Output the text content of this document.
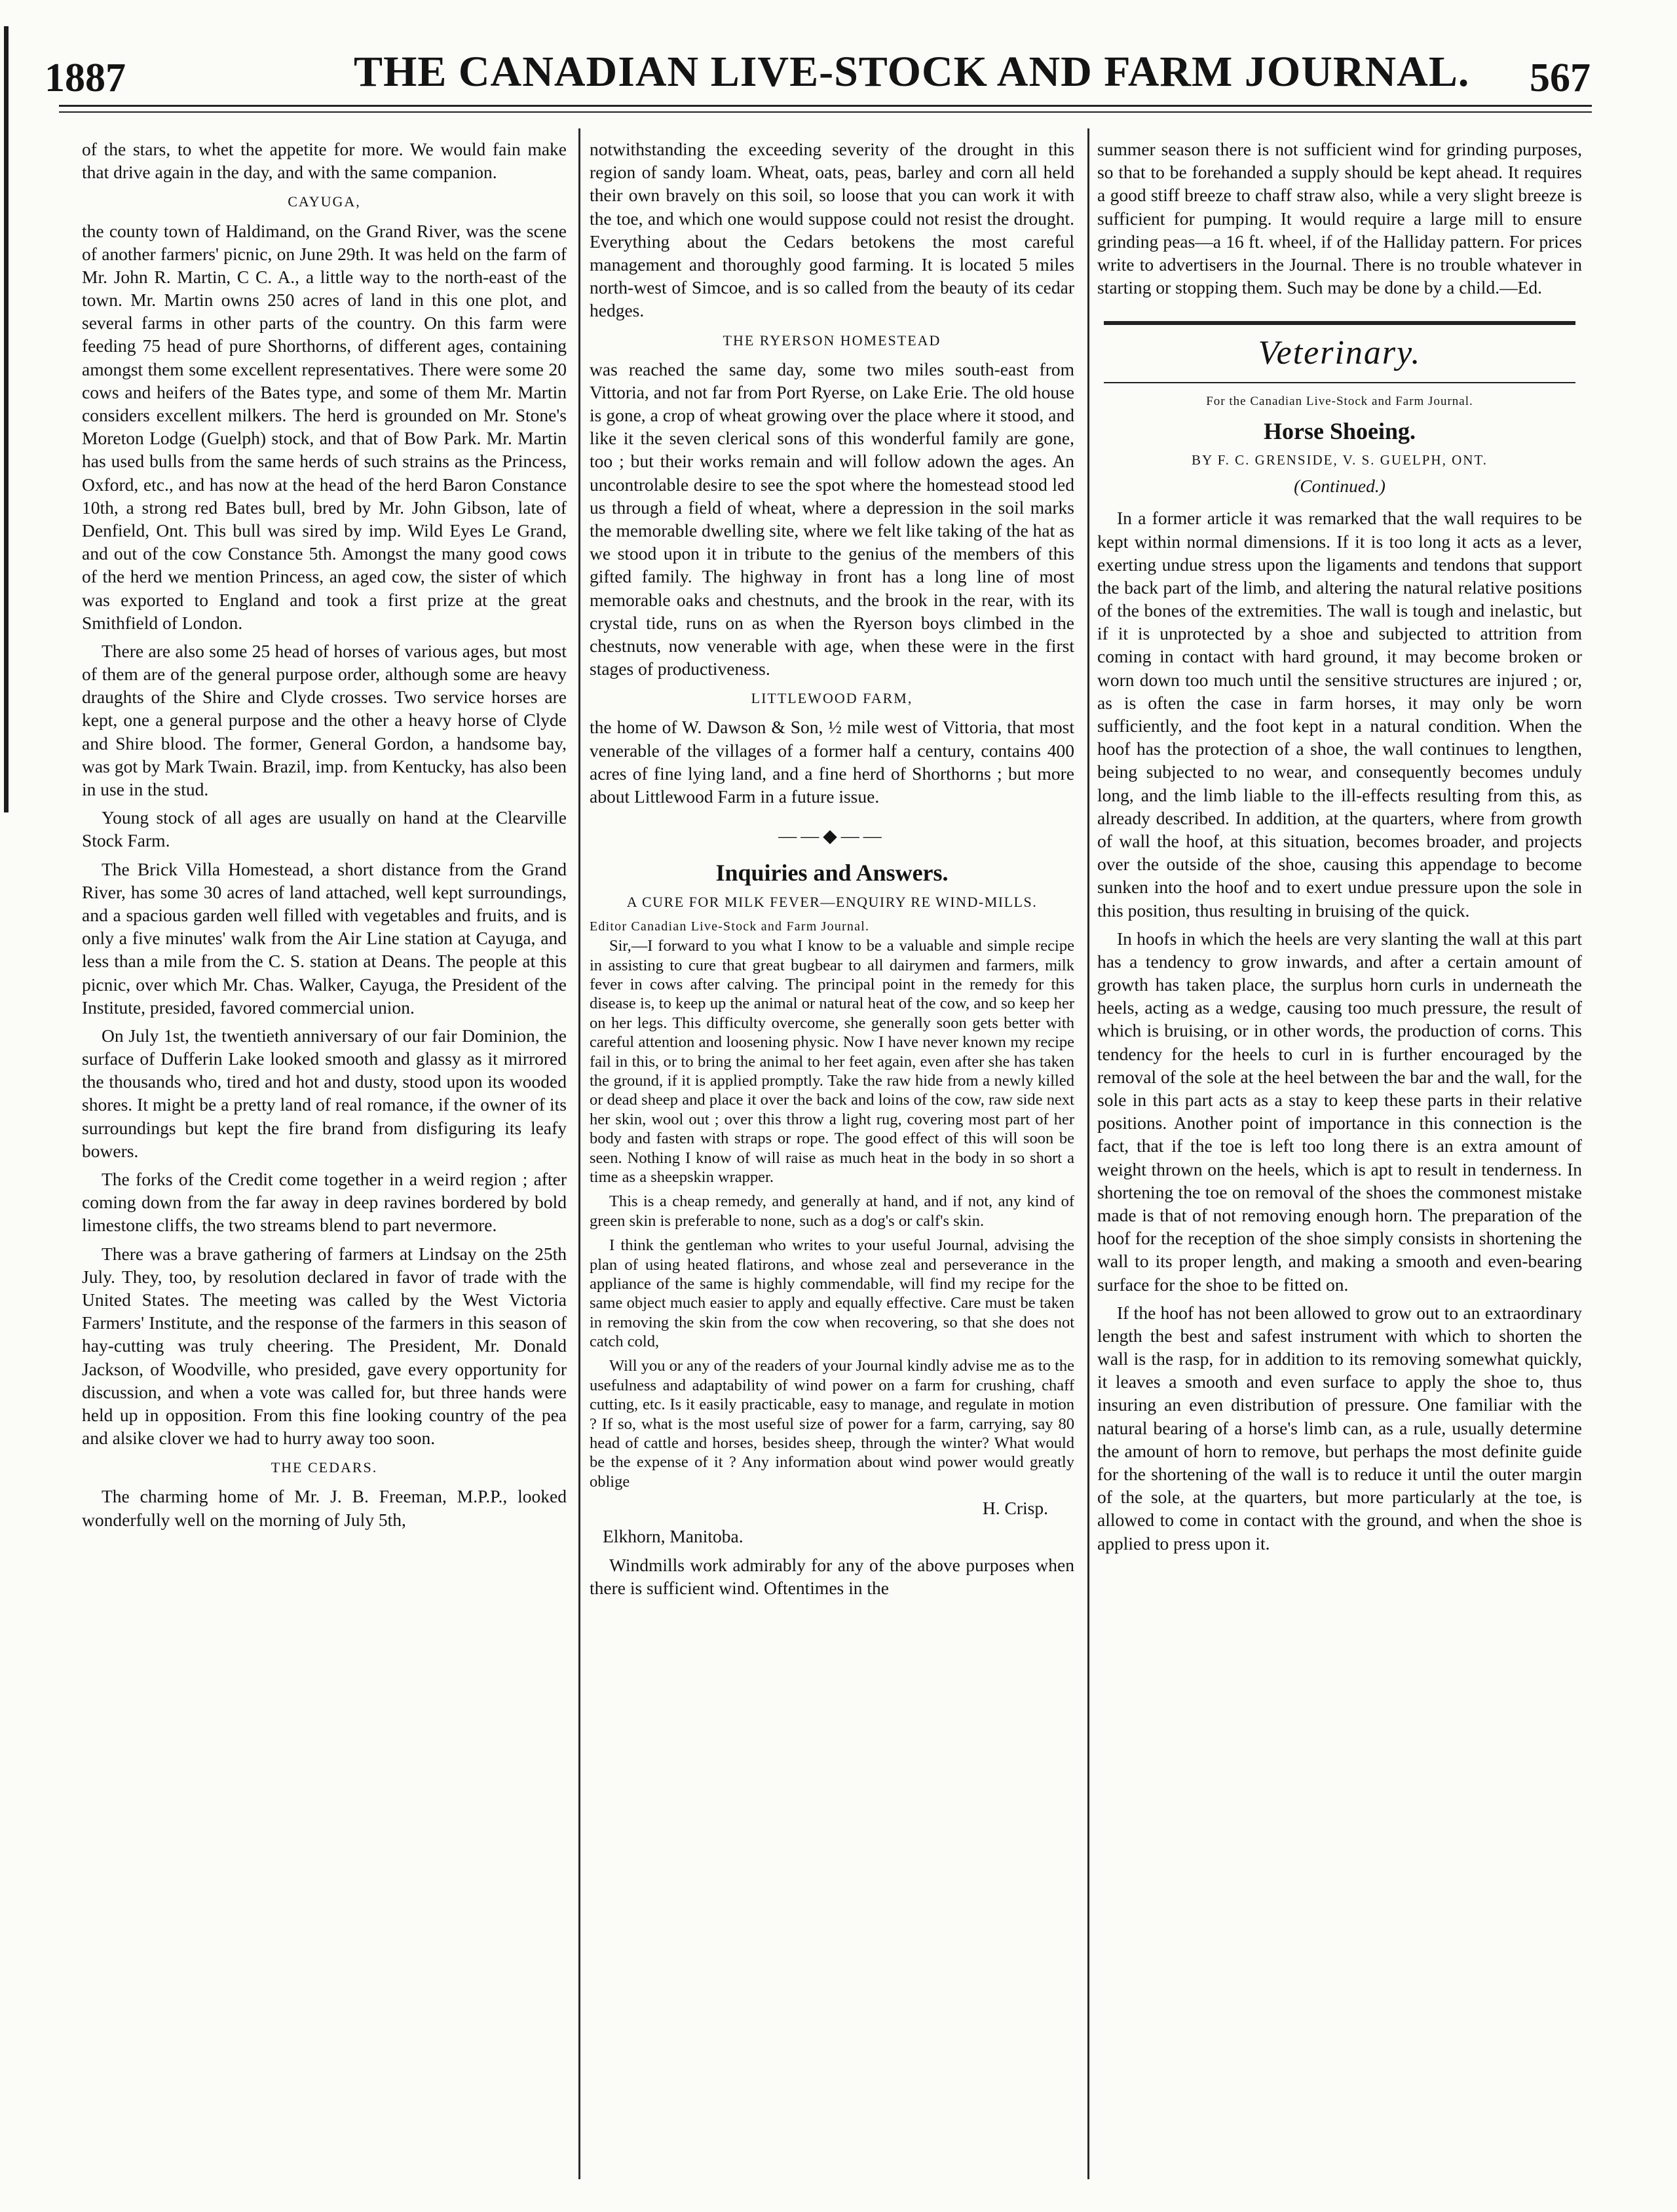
1887	THE CANADIAN LIVE-STOCK AND FARM JOURNAL. 567

of the stars, to whet the appetite for more. We would fain make that drive again in the day, and with the same companion.

CAYUGA,

the county town of Haldimand, on the Grand River, was the scene of another farmers' picnic, on June 29th. It was held on the farm of Mr. John R. Martin, C C. A., a little way to the north-east of the town. Mr. Martin owns 250 acres of land in this one plot, and several farms in other parts of the country. On this farm were feeding 75 head of pure Shorthorns, of different ages, containing amongst them some excellent representatives. There were some 20 cows and heifers of the Bates type, and some of them Mr. Martin considers excellent milkers. The herd is grounded on Mr. Stone's Moreton Lodge (Guelph) stock, and that of Bow Park. Mr. Martin has used bulls from the same herds of such strains as the Princess, Oxford, etc., and has now at the head of the herd Baron Constance 10th, a strong red Bates bull, bred by Mr. John Gibson, late of Denfield, Ont. This bull was sired by imp. Wild Eyes Le Grand, and out of the cow Constance 5th. Amongst the many good cows of the herd we mention Princess, an aged cow, the sister of which was exported to England and took a first prize at the great Smithfield of London.

There are also some 25 head of horses of various ages, but most of them are of the general purpose order, although some are heavy draughts of the Shire and Clyde crosses. Two service horses are kept, one a general purpose and the other a heavy horse of Clyde and Shire blood. The former, General Gordon, a handsome bay, was got by Mark Twain. Brazil, imp. from Kentucky, has also been in use in the stud.

Young stock of all ages are usually on hand at the Clearville Stock Farm.

The Brick Villa Homestead, a short distance from the Grand River, has some 30 acres of land attached, well kept surroundings, and a spacious garden well filled with vegetables and fruits, and is only a five minutes' walk from the Air Line station at Cayuga, and less than a mile from the C. S. station at Deans. The people at this picnic, over which Mr. Chas. Walker, Cayuga, the President of the Institute, presided, favored commercial union.

On July 1st, the twentieth anniversary of our fair Dominion, the surface of Dufferin Lake looked smooth and glassy as it mirrored the thousands who, tired and hot and dusty, stood upon its wooded shores. It might be a pretty land of real romance, if the owner of its surroundings but kept the fire brand from disfiguring its leafy bowers.

The forks of the Credit come together in a weird region ; after coming down from the far away in deep ravines bordered by bold limestone cliffs, the two streams blend to part nevermore.

There was a brave gathering of farmers at Lindsay on the 25th July. They, too, by resolution declared in favor of trade with the United States. The meeting was called by the West Victoria Farmers' Institute, and the response of the farmers in this season of hay-cutting was truly cheering. The President, Mr. Donald Jackson, of Woodville, who presided, gave every opportunity for discussion, and when a vote was called for, but three hands were held up in opposition. From this fine looking country of the pea and alsike clover we had to hurry away too soon.

THE CEDARS.

The charming home of Mr. J. B. Freeman, M.P.P., looked wonderfully well on the morning of July 5th,

notwithstanding the exceeding severity of the drought in this region of sandy loam. Wheat, oats, peas, barley and corn all held their own bravely on this soil, so loose that you can work it with the toe, and which one would suppose could not resist the drought. Everything about the Cedars betokens the most careful management and thoroughly good farming. It is located 5 miles north-west of Simcoe, and is so called from the beauty of its cedar hedges.

THE RYERSON HOMESTEAD

was reached the same day, some two miles south-east from Vittoria, and not far from Port Ryerse, on Lake Erie. The old house is gone, a crop of wheat growing over the place where it stood, and like it the seven clerical sons of this wonderful family are gone, too ; but their works remain and will follow adown the ages. An uncontrolable desire to see the spot where the homestead stood led us through a field of wheat, where a depression in the soil marks the memorable dwelling site, where we felt like taking of the hat as we stood upon it in tribute to the genius of the members of this gifted family. The highway in front has a long line of most memorable oaks and chestnuts, and the brook in the rear, with its crystal tide, runs on as when the Ryerson boys climbed in the chestnuts, now venerable with age, when these were in the first stages of productiveness.

LITTLEWOOD FARM,

the home of W. Dawson & Son, ½ mile west of Vittoria, that most venerable of the villages of a former half a century, contains 400 acres of fine lying land, and a fine herd of Shorthorns ; but more about Littlewood Farm in a future issue.

——◆——
Inquiries and Answers.
A CURE FOR MILK FEVER—ENQUIRY RE WIND-MILLS.
Editor Canadian Live-Stock and Farm Journal.

Sir,—I forward to you what I know to be a valuable and simple recipe in assisting to cure that great bugbear to all dairymen and farmers, milk fever in cows after calving. The principal point in the remedy for this disease is, to keep up the animal or natural heat of the cow, and so keep her on her legs. This difficulty overcome, she generally soon gets better with careful attention and loosening physic. Now I have never known my recipe fail in this, or to bring the animal to her feet again, even after she has taken the ground, if it is applied promptly. Take the raw hide from a newly killed or dead sheep and place it over the back and loins of the cow, raw side next her skin, wool out ; over this throw a light rug, covering most part of her body and fasten with straps or rope. The good effect of this will soon be seen. Nothing I know of will raise as much heat in the body in so short a time as a sheepskin wrapper.

This is a cheap remedy, and generally at hand, and if not, any kind of green skin is preferable to none, such as a dog's or calf's skin.

I think the gentleman who writes to your useful Journal, advising the plan of using heated flatirons, and whose zeal and perseverance in the appliance of the same is highly commendable, will find my recipe for the same object much easier to apply and equally effective. Care must be taken in removing the skin from the cow when recovering, so that she does not catch cold,

Will you or any of the readers of your Journal kindly advise me as to the usefulness and adaptability of wind power on a farm for crushing, chaff cutting, etc. Is it easily practicable, easy to manage, and regulate in motion ? If so, what is the most useful size of power for a farm, carrying, say 80 head of cattle and horses, besides sheep, through the winter? What would be the expense of it ? Any information about wind power would greatly oblige

H. Crisp.

Elkhorn, Manitoba.

Windmills work admirably for any of the above purposes when there is sufficient wind. Oftentimes in the

summer season there is not sufficient wind for grinding purposes, so that to be forehanded a supply should be kept ahead. It requires a good stiff breeze to chaff straw also, while a very slight breeze is sufficient for pumping. It would require a large mill to ensure grinding peas—a 16 ft. wheel, if of the Halliday pattern. For prices write to advertisers in the Journal. There is no trouble whatever in starting or stopping them. Such may be done by a child.—Ed.

Veterinary.
For the Canadian Live-Stock and Farm Journal.
Horse Shoeing.
BY F. C. GRENSIDE, V. S. GUELPH, ONT.
(Continued.)

In a former article it was remarked that the wall requires to be kept within normal dimensions. If it is too long it acts as a lever, exerting undue stress upon the ligaments and tendons that support the back part of the limb, and altering the natural relative positions of the bones of the extremities. The wall is tough and inelastic, but if it is unprotected by a shoe and subjected to attrition from coming in contact with hard ground, it may become broken or worn down too much until the sensitive structures are injured ; or, as is often the case in farm horses, it may only be worn sufficiently, and the foot kept in a natural condition. When the hoof has the protection of a shoe, the wall continues to lengthen, being subjected to no wear, and consequently becomes unduly long, and the limb liable to the ill-effects resulting from this, as already described. In addition, at the quarters, where from growth of wall the hoof, at this situation, becomes broader, and projects over the outside of the shoe, causing this appendage to become sunken into the hoof and to exert undue pressure upon the sole in this position, thus resulting in bruising of the quick.

In hoofs in which the heels are very slanting the wall at this part has a tendency to grow inwards, and after a certain amount of growth has taken place, the surplus horn curls in underneath the heels, acting as a wedge, causing too much pressure, the result of which is bruising, or in other words, the production of corns. This tendency for the heels to curl in is further encouraged by the removal of the sole at the heel between the bar and the wall, for the sole in this part acts as a stay to keep these parts in their relative positions. Another point of importance in this connection is the fact, that if the toe is left too long there is an extra amount of weight thrown on the heels, which is apt to result in tenderness. In shortening the toe on removal of the shoes the commonest mistake made is that of not removing enough horn. The preparation of the hoof for the reception of the shoe simply consists in shortening the wall to its proper length, and making a smooth and even-bearing surface for the shoe to be fitted on.

If the hoof has not been allowed to grow out to an extraordinary length the best and safest instrument with which to shorten the wall is the rasp, for in addition to its removing somewhat quickly, it leaves a smooth and even surface to apply the shoe to, thus insuring an even distribution of pressure. One familiar with the natural bearing of a horse's limb can, as a rule, usually determine the amount of horn to remove, but perhaps the most definite guide for the shortening of the wall is to reduce it until the outer margin of the sole, at the quarters, but more particularly at the toe, is allowed to come in contact with the ground, and when the shoe is applied to press upon it.
